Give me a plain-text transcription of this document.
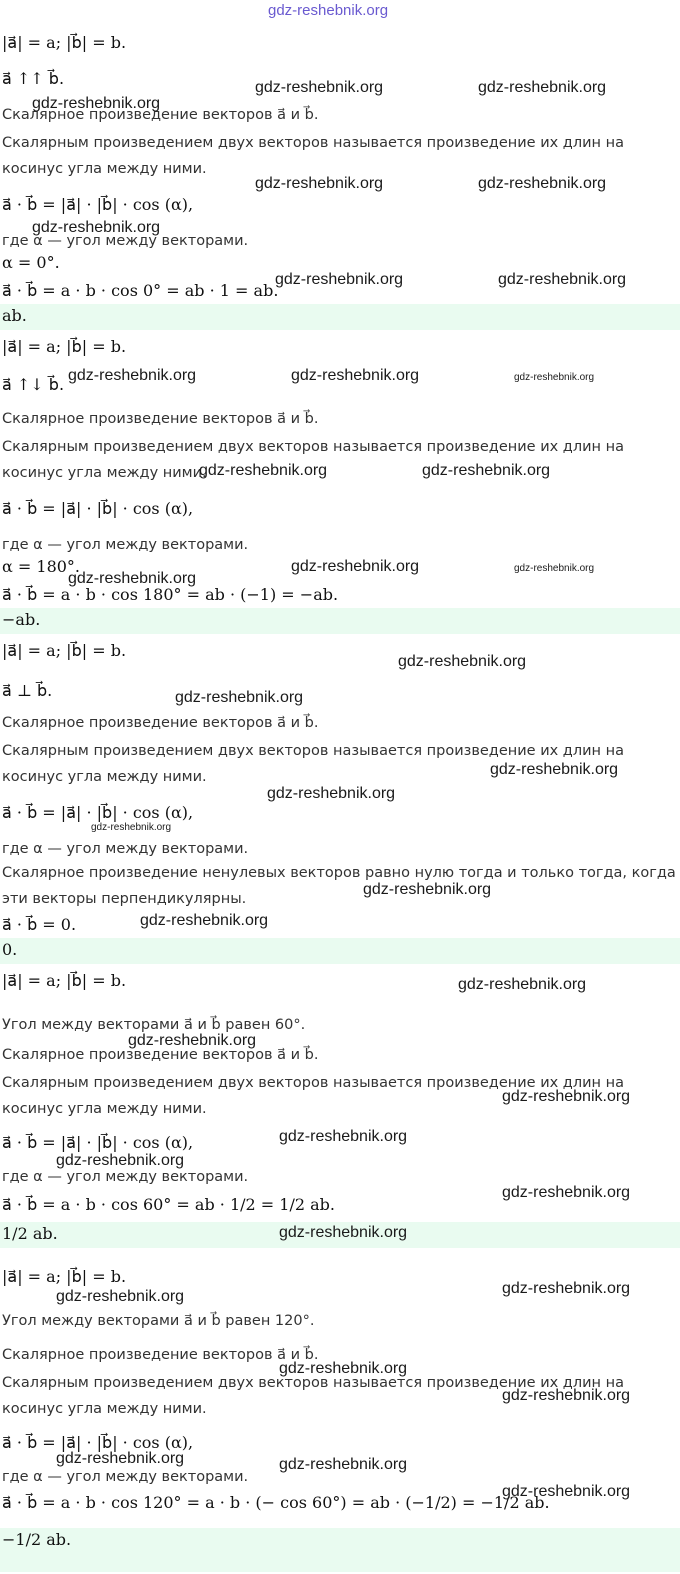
gdz-reshebnik.org
|a⃗| = a; |b⃗| = b.
a⃗ ↑↑ b⃗.
Скалярное произведение векторов a⃗ и b⃗.
Скалярным произведением двух векторов называется произведение их длин на
косинус угла между ними.
a⃗ · b⃗ = |a⃗| · |b⃗| · cos (α),
где α — угол между векторами.
α = 0°.
a⃗ · b⃗ = a · b · cos 0° = ab · 1 = ab.
ab.
|a⃗| = a; |b⃗| = b.
a⃗ ↑↓ b⃗.
Скалярное произведение векторов a⃗ и b⃗.
Скалярным произведением двух векторов называется произведение их длин на
косинус угла между ними.
a⃗ · b⃗ = |a⃗| · |b⃗| · cos (α),
где α — угол между векторами.
α = 180°.
a⃗ · b⃗ = a · b · cos 180° = ab · (−1) = −ab.
−ab.
|a⃗| = a; |b⃗| = b.
a⃗ ⊥ b⃗.
Скалярное произведение векторов a⃗ и b⃗.
Скалярным произведением двух векторов называется произведение их длин на
косинус угла между ними.
a⃗ · b⃗ = |a⃗| · |b⃗| · cos (α),
где α — угол между векторами.
Скалярное произведение ненулевых векторов равно нулю тогда и только тогда, когда
эти векторы перпендикулярны.
a⃗ · b⃗ = 0.
0.
|a⃗| = a; |b⃗| = b.
Угол между векторами a⃗ и b⃗ равен 60°.
Скалярное произведение векторов a⃗ и b⃗.
Скалярным произведением двух векторов называется произведение их длин на
косинус угла между ними.
a⃗ · b⃗ = |a⃗| · |b⃗| · cos (α),
где α — угол между векторами.
a⃗ · b⃗ = a · b · cos 60° = ab · 1/2 = 1/2 ab.
1/2 ab.
|a⃗| = a; |b⃗| = b.
Угол между векторами a⃗ и b⃗ равен 120°.
Скалярное произведение векторов a⃗ и b⃗.
Скалярным произведением двух векторов называется произведение их длин на
косинус угла между ними.
a⃗ · b⃗ = |a⃗| · |b⃗| · cos (α),
где α — угол между векторами.
a⃗ · b⃗ = a · b · cos 120° = a · b · (− cos 60°) = ab · (−1/2) = −1/2 ab.
−1/2 ab.
gdz-reshebnik.org	gdz-reshebnik.org
gdz-reshebnik.org
gdz-reshebnik.org	gdz-reshebnik.org
gdz-reshebnik.org
gdz-reshebnik.org	gdz-reshebnik.org
gdz-reshebnik.org	gdz-reshebnik.org	gdz-reshebnik.org
gdz-reshebnik.org	gdz-reshebnik.org
gdz-reshebnik.org	gdz-reshebnik.org
gdz-reshebnik.org
gdz-reshebnik.org
gdz-reshebnik.org
gdz-reshebnik.org
gdz-reshebnik.org
gdz-reshebnik.org
gdz-reshebnik.org
gdz-reshebnik.org
gdz-reshebnik.org
gdz-reshebnik.org
gdz-reshebnik.org
gdz-reshebnik.org
gdz-reshebnik.org
gdz-reshebnik.org
gdz-reshebnik.org
gdz-reshebnik.org	gdz-reshebnik.org
gdz-reshebnik.org
gdz-reshebnik.org
gdz-reshebnik.org	gdz-reshebnik.org
gdz-reshebnik.org
